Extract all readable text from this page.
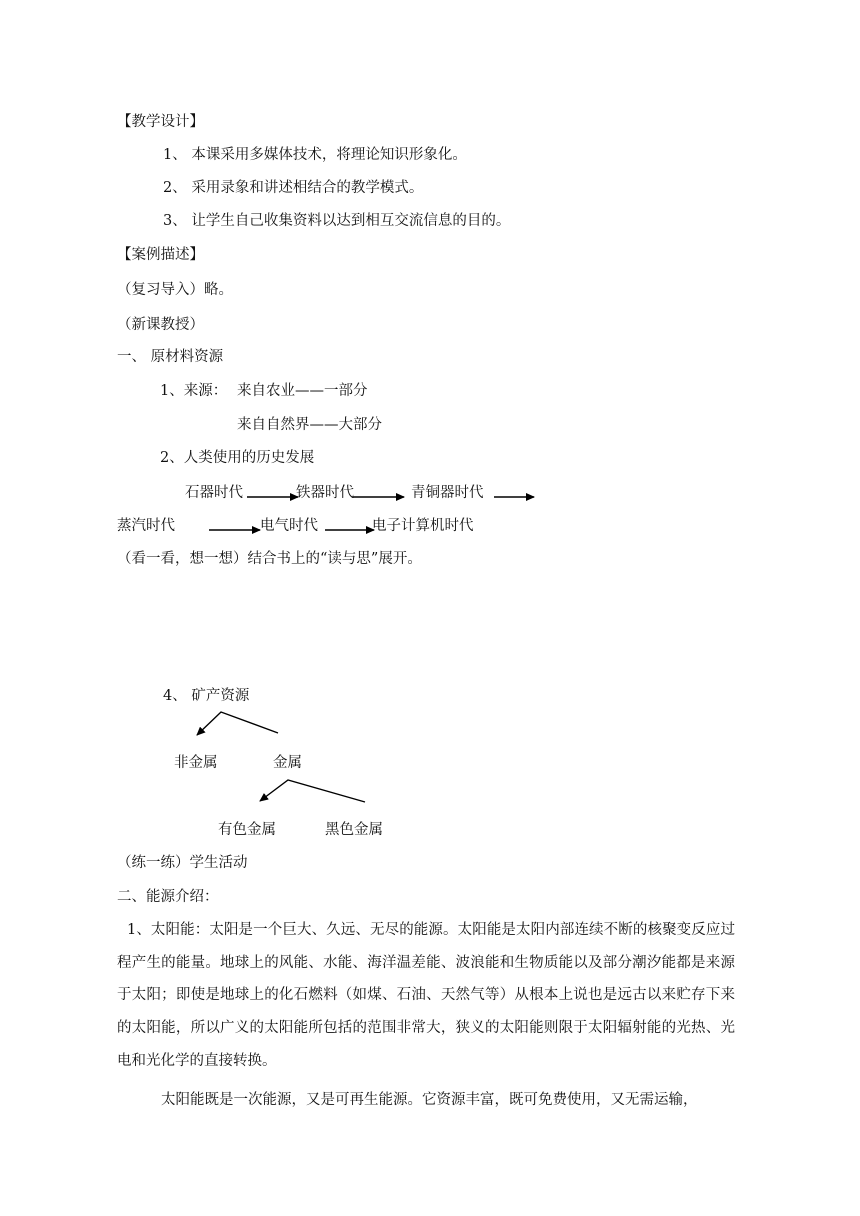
【教学设计】
1、 本课采用多媒体技术，将理论知识形象化。
2、 采用录象和讲述相结合的教学模式。
3、 让学生自己收集资料以达到相互交流信息的目的。
【案例描述】
（复习导入）略。
（新课教授）
一、 原材料资源
1、来源： 来自农业——一部分
来自自然界——大部分
2、人类使用的历史发展
石器时代	铁器时代	青铜器时代
蒸汽时代	电气时代	电子计算机时代
（看一看，想一想）结合书上的“读与思”展开。
4、 矿产资源
非金属	金属
有色金属	黑色金属
（练一练）学生活动
二、能源介绍：
1、太阳能：太阳是一个巨大、久远、无尽的能源。太阳能是太阳内部连续不断的核聚变反应过程产生的能量。地球上的风能、水能、海洋温差能、波浪能和生物质能以及部分潮汐能都是来源于太阳；即使是地球上的化石燃料（如煤、石油、天然气等）从根本上说也是远古以来贮存下来的太阳能，所以广义的太阳能所包括的范围非常大，狭义的太阳能则限于太阳辐射能的光热、光电和光化学的直接转换。
太阳能既是一次能源，又是可再生能源。它资源丰富，既可免费使用，又无需运输，
